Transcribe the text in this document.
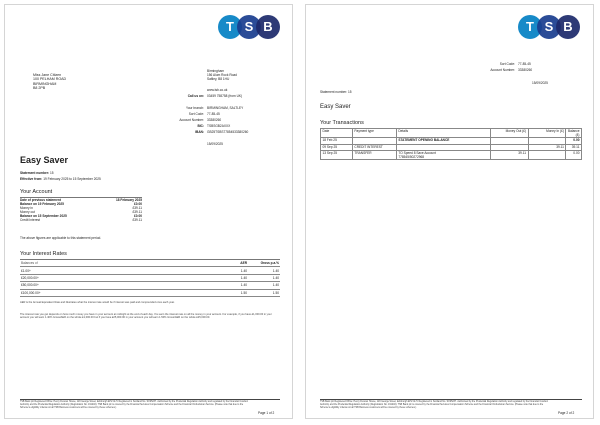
T S B
Miss Jane Citizen
100 PELHAM ROAD
BIRMINGHAM
B8 2PB
Birmingham
156 Alum Rock Road
Saltley, B8 1HU
www.tsb.co.uk
Call us on: 03459 758758 (from UK)
Your branch: BIRMINGHAM, SALTLEY
Sort Code: 77-85-45
Account Number: 33380260
BIC: TSBSGB2AXXX
IBAN: GB25TSBS77854533380260
15/09/2025
Easy Saver
Statement number: 15
Effective from: 19 February 2025 to 15 September 2025
Your Account
Date of previous statement	18 February 2025
Balance on 19 February 2025	£0.00
Money in	£39.11
Money out	£39.11
Balance on 15 September 2025	£0.00
Credit Interest	£39.11
The above figures are applicable to this statement period.
Your Interest Rates
Balances of	AER	Gross p.a.%
£1.00+	1.40	1.40
£20,000.00+	1.40	1.40
£50,000.00+	1.40	1.40
£100,000.00+	1.50	1.50
AER is the Annual Equivalent Rate and illustrates what the interest rate would be if interest was paid and compounded once each year.
The interest rate you get depends on how much money you have in your account at midnight at the end of each day. You earn the interest rate on all the money in your account. For example, if you have £1,000.00 in your account you will earn 1.40% Gross/AER on the whole £1,000.00 but if you have £25,000.00 in your account you will earn 1.50% Gross/AER on the whole £25,000.00.
TSB Bank plc Registered Office: Henry Duncan House, 120 George Street, Edinburgh EH2 4LH. Registered in Scotland No. SC95237. Authorised by the Prudential Regulation Authority and regulated by the Financial Conduct Authority and the Prudential Regulation Authority (Registration No. 191240). TSB Bank plc is covered by the Financial Services Compensation Scheme and the Financial Ombudsman Service. (Please note that due to the Scheme's eligibility criteria not all TSB Business customers will be covered by these schemes.)
Page 1 of 2
T S B
Sort Code: 77-85-45
Account Number: 33380260
15/09/2025
Statement number: 15
Easy Saver
Your Transactions
Date	Payment type	Details	Money Out (£)	Money In (£)	Balance (£)
18 Feb 25		STATEMENT OPENING BALANCE			0.00
09 Sep 25	CREDIT INTEREST			39.11	39.11
13 Sep 25	TRANSFER	TO Speed 8 Save Account
778545/50272968	39.11		0.00
TSB Bank plc Registered Office: Henry Duncan House, 120 George Street, Edinburgh EH2 4LH. Registered in Scotland No. SC95237. Authorised by the Prudential Regulation Authority and regulated by the Financial Conduct Authority and the Prudential Regulation Authority (Registration No. 191240). TSB Bank plc is covered by the Financial Services Compensation Scheme and the Financial Ombudsman Service. (Please note that due to the Scheme's eligibility criteria not all TSB Business customers will be covered by these schemes.)
Page 2 of 2
